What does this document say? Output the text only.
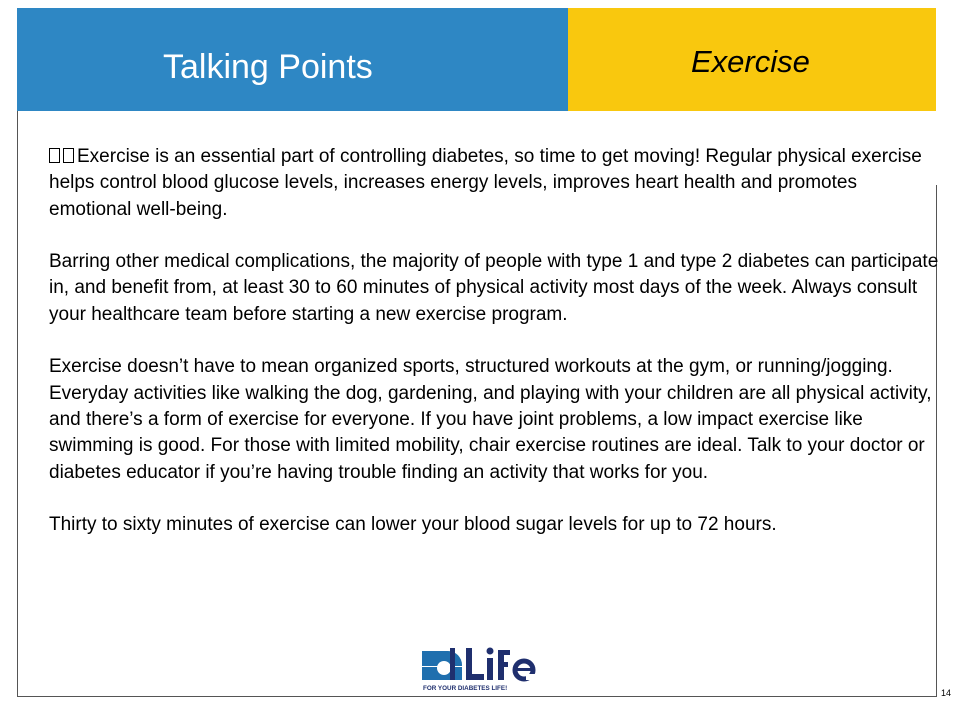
Talking Points	Exercise

Exercise is an essential part of controlling diabetes, so time to get moving! Regular physical exercise helps control blood glucose levels, increases energy levels, improves heart health and promotes emotional well-being.

Barring other medical complications, the majority of people with type 1 and type 2 diabetes can participate in, and benefit from, at least 30 to 60 minutes of physical activity most days of the week. Always consult your healthcare team before starting a new exercise program.

Exercise doesn’t have to mean organized sports, structured workouts at the gym, or running/jogging. Everyday activities like walking the dog, gardening, and playing with your children are all physical activity, and there’s a form of exercise for everyone. If you have joint problems, a low impact exercise like swimming is good. For those with limited mobility, chair exercise routines are ideal. Talk to your doctor or diabetes educator if you’re having trouble finding an activity that works for you.

Thirty to sixty minutes of exercise can lower your blood sugar levels for up to 72 hours.

FOR YOUR DIABETES LIFE!	14
